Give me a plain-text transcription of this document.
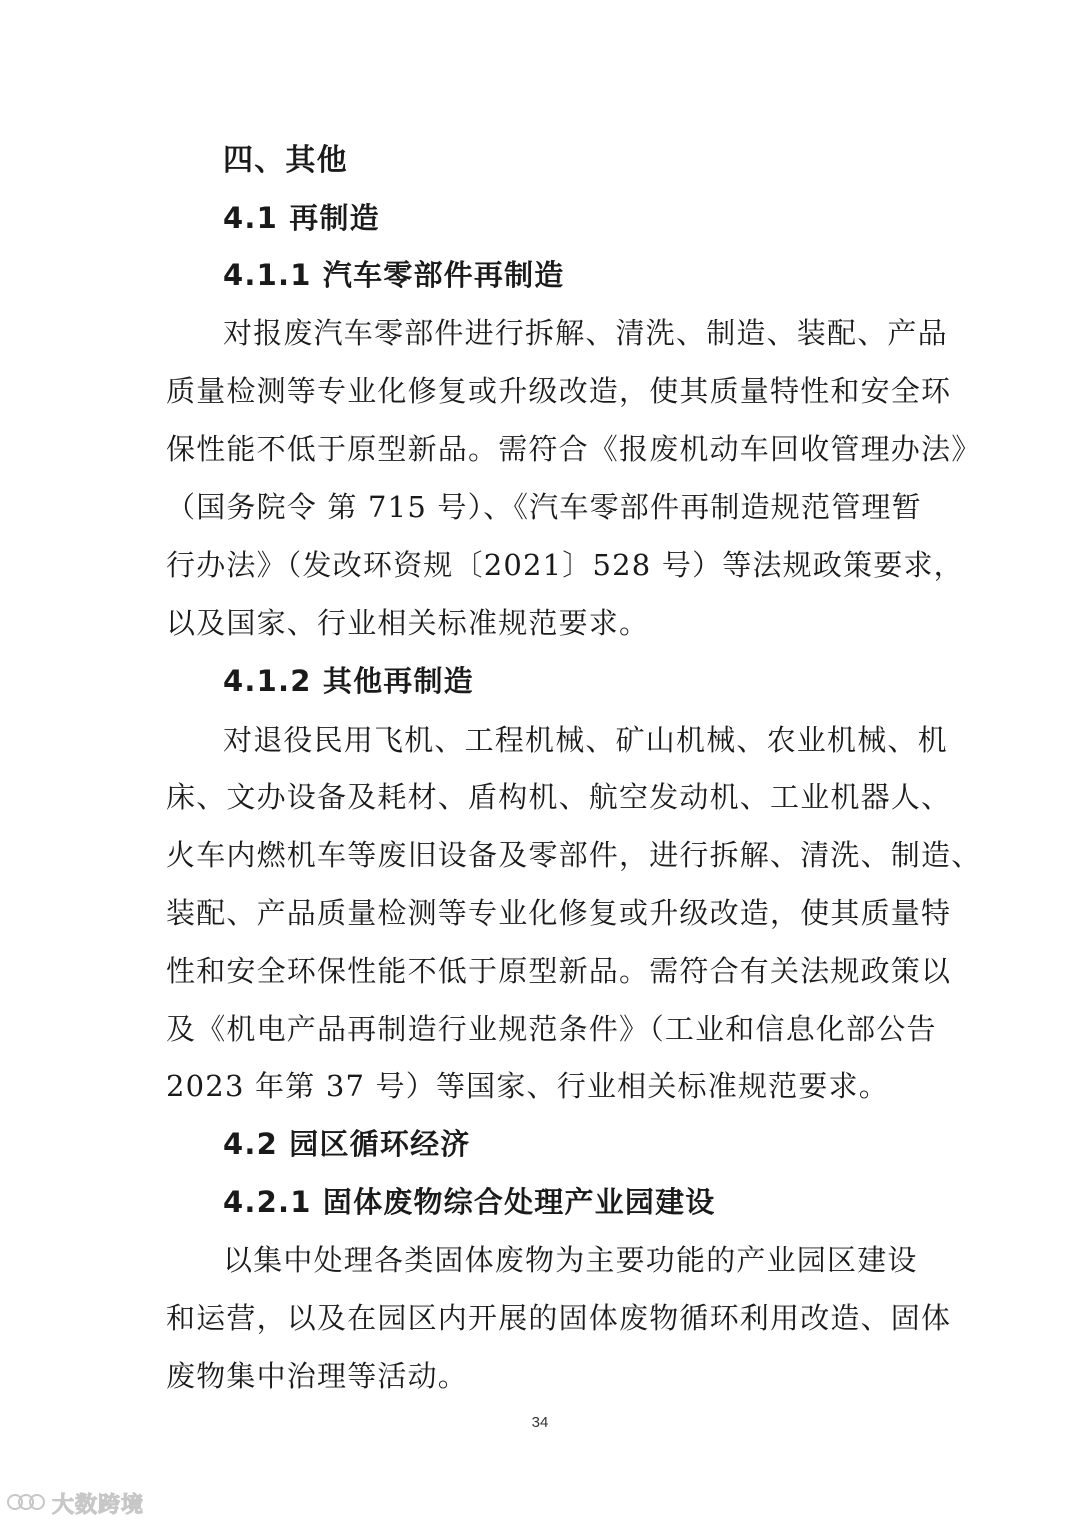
四、其他
4.1 再制造
4.1.1 汽车零部件再制造
对报废汽车零部件进行拆解、清洗、制造、装配、产品
质量检测等专业化修复或升级改造，使其质量特性和安全环
保性能不低于原型新品。需符合《报废机动车回收管理办法》
（国务院令 第 715 号）、《汽车零部件再制造规范管理暂
行办法》（发改环资规〔2021〕528 号）等法规政策要求，
以及国家、行业相关标准规范要求。
4.1.2 其他再制造
对退役民用飞机、工程机械、矿山机械、农业机械、机
床、文办设备及耗材、盾构机、航空发动机、工业机器人、
火车内燃机车等废旧设备及零部件，进行拆解、清洗、制造、
装配、产品质量检测等专业化修复或升级改造，使其质量特
性和安全环保性能不低于原型新品。需符合有关法规政策以
及《机电产品再制造行业规范条件》（工业和信息化部公告
2023 年第 37 号）等国家、行业相关标准规范要求。
4.2 园区循环经济
4.2.1 固体废物综合处理产业园建设
以集中处理各类固体废物为主要功能的产业园区建设
和运营，以及在园区内开展的固体废物循环利用改造、固体
废物集中治理等活动。
34
大数跨境
